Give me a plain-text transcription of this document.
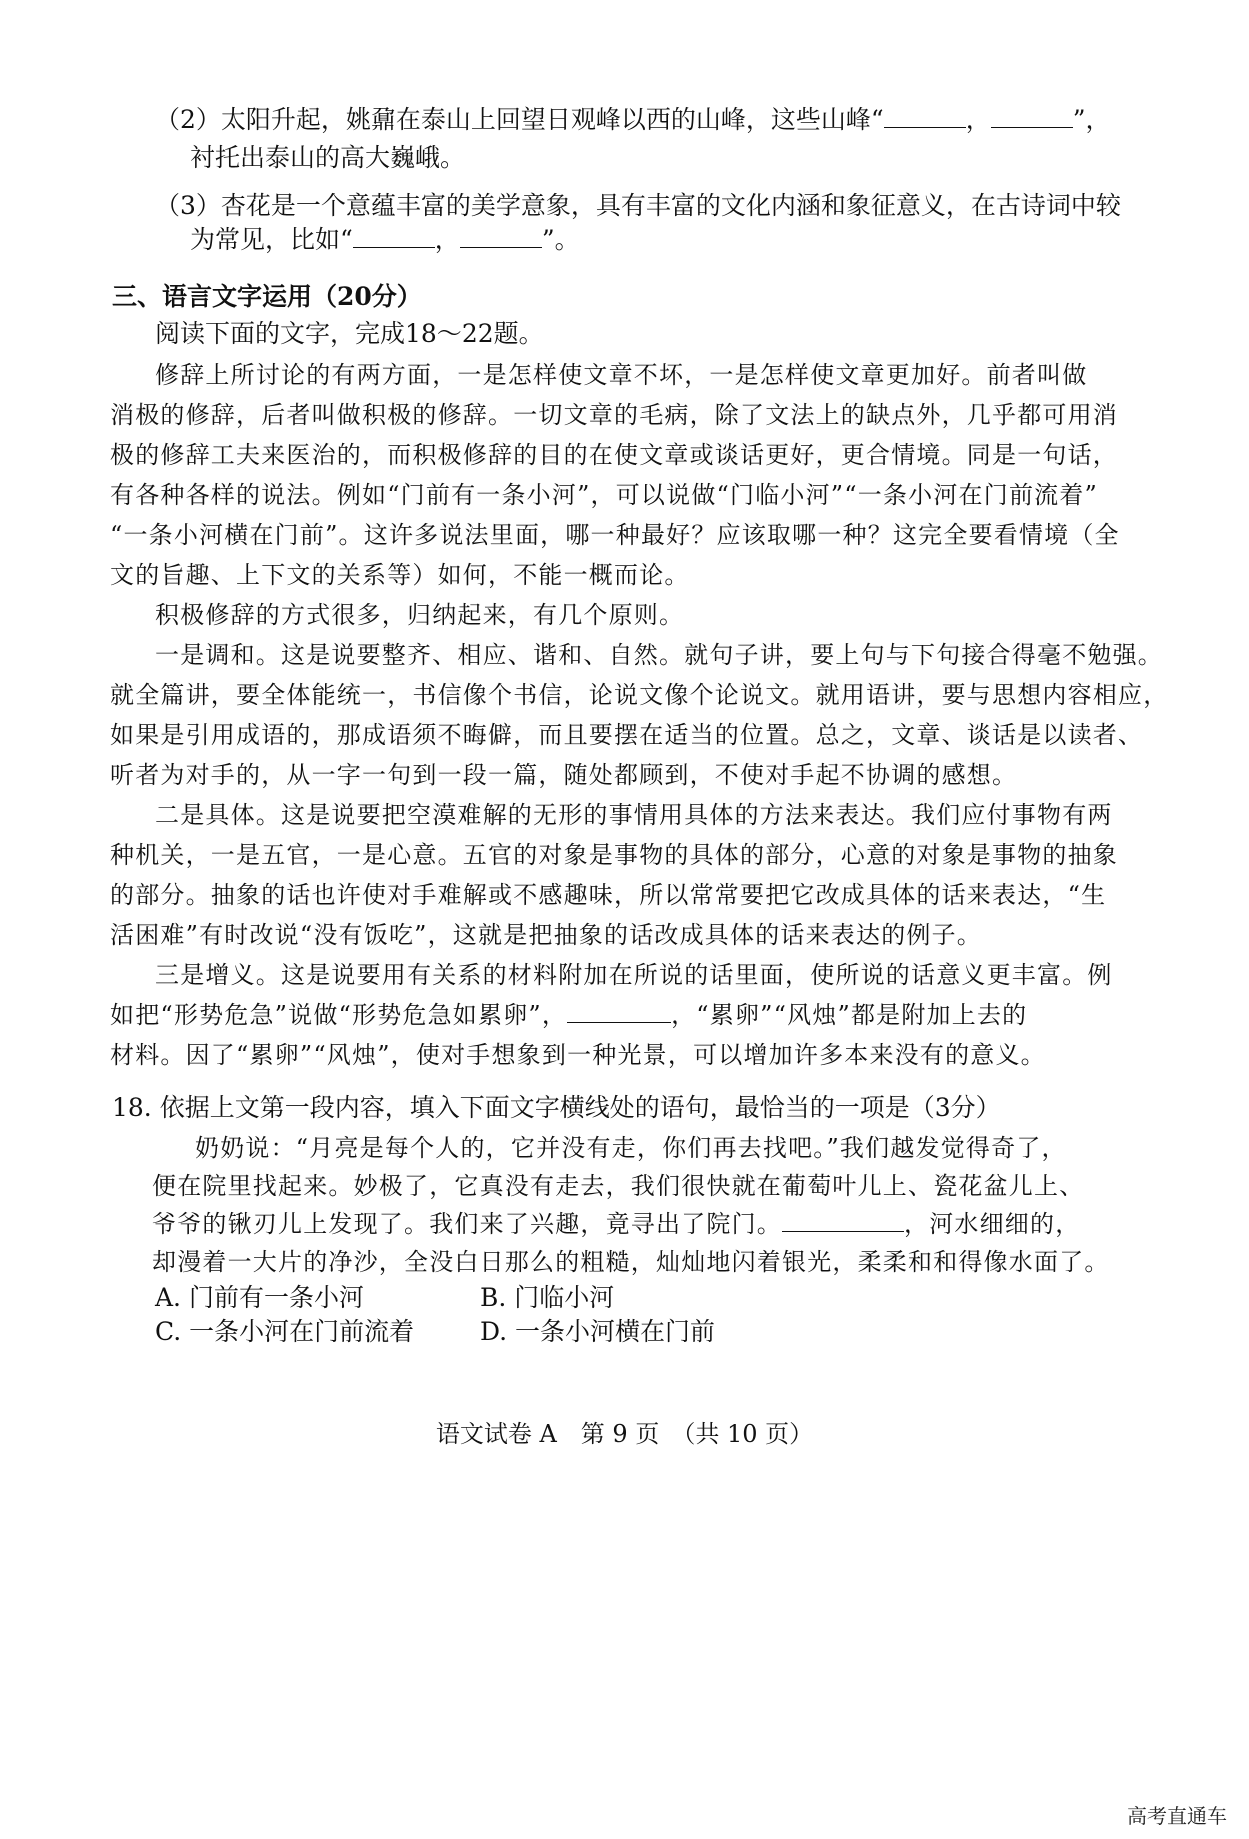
（2）太阳升起，姚鼐在泰山上回望日观峰以西的山峰，这些山峰“	，	”，
衬托出泰山的高大巍峨。
（3）杏花是一个意蕴丰富的美学意象，具有丰富的文化内涵和象征意义，在古诗词中较
为常见，比如“	，	”。
三、语言文字运用（20分）
阅读下面的文字，完成18～22题。
修辞上所讨论的有两方面，一是怎样使文章不坏，一是怎样使文章更加好。前者叫做
消极的修辞，后者叫做积极的修辞。一切文章的毛病，除了文法上的缺点外，几乎都可用消
极的修辞工夫来医治的，而积极修辞的目的在使文章或谈话更好，更合情境。同是一句话，
有各种各样的说法。例如“门前有一条小河”，可以说做“门临小河”“一条小河在门前流着”
“一条小河横在门前”。这许多说法里面，哪一种最好？应该取哪一种？这完全要看情境（全
文的旨趣、上下文的关系等）如何，不能一概而论。
积极修辞的方式很多，归纳起来，有几个原则。
一是调和。这是说要整齐、相应、谐和、自然。就句子讲，要上句与下句接合得毫不勉强。
就全篇讲，要全体能统一，书信像个书信，论说文像个论说文。就用语讲，要与思想内容相应，
如果是引用成语的，那成语须不晦僻，而且要摆在适当的位置。总之，文章、谈话是以读者、
听者为对手的，从一字一句到一段一篇，随处都顾到，不使对手起不协调的感想。
二是具体。这是说要把空漠难解的无形的事情用具体的方法来表达。我们应付事物有两
种机关，一是五官，一是心意。五官的对象是事物的具体的部分，心意的对象是事物的抽象
的部分。抽象的话也许使对手难解或不感趣味，所以常常要把它改成具体的话来表达，“生
活困难”有时改说“没有饭吃”，这就是把抽象的话改成具体的话来表达的例子。
三是增义。这是说要用有关系的材料附加在所说的话里面，使所说的话意义更丰富。例
如把“形势危急”说做“形势危急如累卵”，	，“累卵”“风烛”都是附加上去的
材料。因了“累卵”“风烛”，使对手想象到一种光景，可以增加许多本来没有的意义。
18. 依据上文第一段内容，填入下面文字横线处的语句，最恰当的一项是（3分）
奶奶说：“月亮是每个人的，它并没有走，你们再去找吧。”我们越发觉得奇了，
便在院里找起来。妙极了，它真没有走去，我们很快就在葡萄叶儿上、瓷花盆儿上、
爷爷的锹刃儿上发现了。我们来了兴趣，竟寻出了院门。	，河水细细的，
却漫着一大片的净沙，全没白日那么的粗糙，灿灿地闪着银光，柔柔和和得像水面了。
A. 门前有一条小河	B. 门临小河
C. 一条小河在门前流着	D. 一条小河横在门前
语文试卷 A　第 9 页　（共 10 页）
高考直通车
